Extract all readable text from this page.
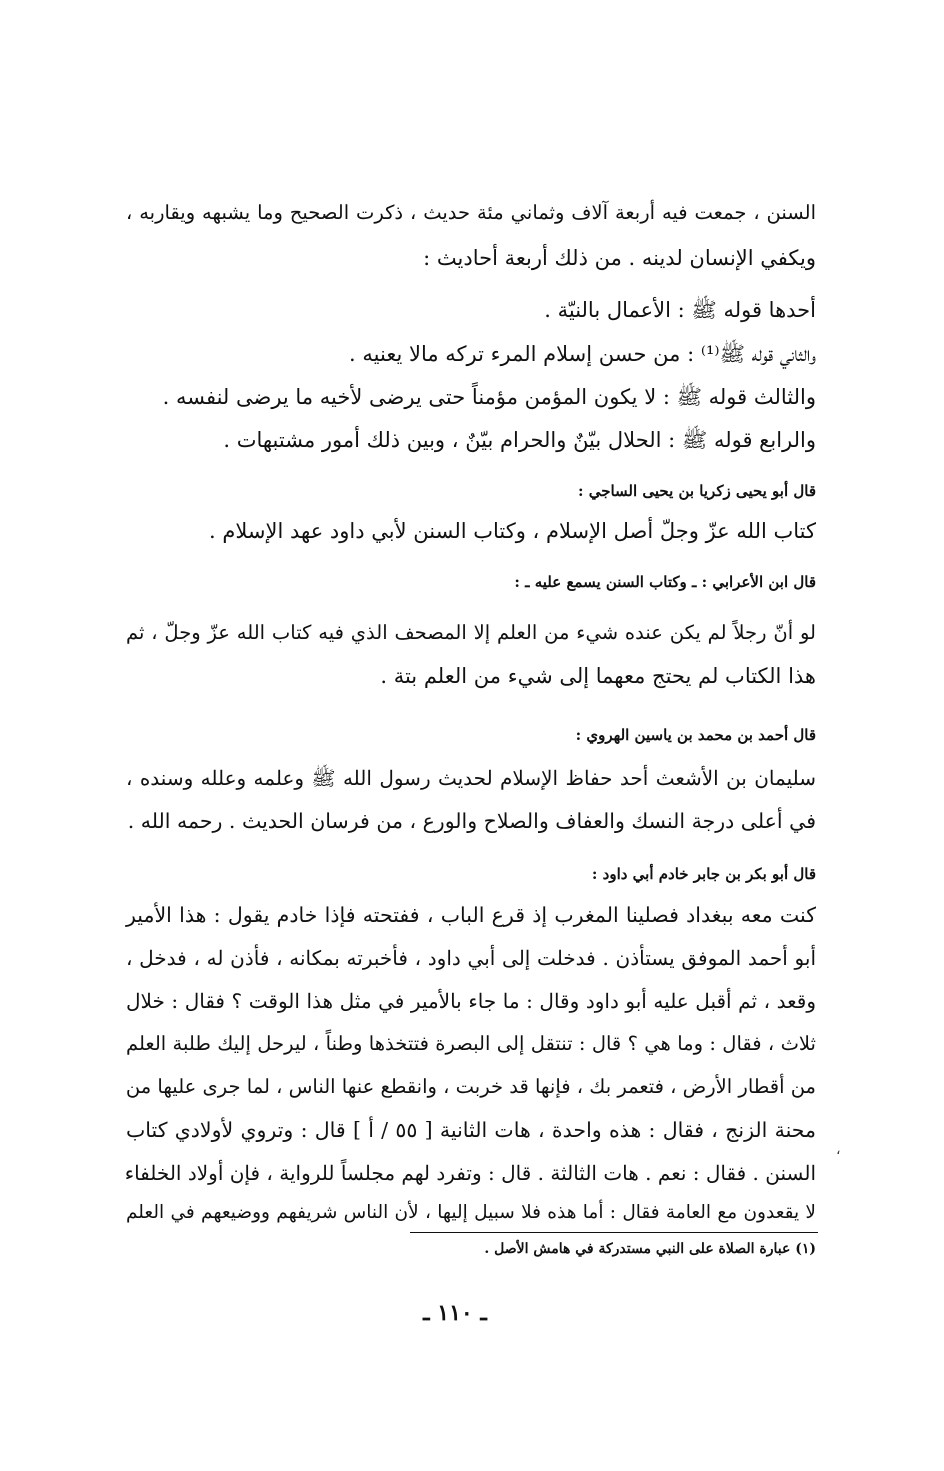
السنن ، جمعت فيه أربعة آلاف وثماني مئة حديث ، ذكرت الصحيح وما يشبهه ويقاربه ،
ويكفي الإنسان لدينه . من ذلك أربعة أحاديث :
أحدها قوله ﷺ : الأعمال بالنيّة .
والثاني قوله ﷺ⁽¹⁾ : من حسن إسلام المرء تركه مالا يعنيه .
والثالث قوله ﷺ : لا يكون المؤمن مؤمناً حتى يرضى لأخيه ما يرضى لنفسه .
والرابع قوله ﷺ : الحلال بيّنٌ والحرام بيّنٌ ، وبين ذلك أمور مشتبهات .
قال أبو يحيى زكريا بن يحيى الساجي :
كتاب الله عزّ وجلّ أصل الإسلام ، وكتاب السنن لأبي داود عهد الإسلام .
قال ابن الأعرابي : ـ وكتاب السنن يسمع عليه ـ :
لو أنّ رجلاً لم يكن عنده شيء من العلم إلا المصحف الذي فيه كتاب الله عزّ وجلّ ، ثم
هذا الكتاب لم يحتج معهما إلى شيء من العلم بتة .
قال أحمد بن محمد بن ياسين الهروي :
سليمان بن الأشعث أحد حفاظ الإسلام لحديث رسول الله ﷺ وعلمه وعلله وسنده ،
في أعلى درجة النسك والعفاف والصلاح والورع ، من فرسان الحديث . رحمه الله .
قال أبو بكر بن جابر خادم أبي داود :
كنت معه ببغداد فصلينا المغرب إذ قرع الباب ، ففتحته فإذا خادم يقول : هذا الأمير
أبو أحمد الموفق يستأذن . فدخلت إلى أبي داود ، فأخبرته بمكانه ، فأذن له ، فدخل ،
وقعد ، ثم أقبل عليه أبو داود وقال : ما جاء بالأمير في مثل هذا الوقت ؟ فقال : خلال
ثلاث ، فقال : وما هي ؟ قال : تنتقل إلى البصرة فتتخذها وطناً ، ليرحل إليك طلبة العلم
من أقطار الأرض ، فتعمر بك ، فإنها قد خربت ، وانقطع عنها الناس ، لما جرى عليها من
محنة الزنج ، فقال : هذه واحدة ، هات الثانية [ ٥٥ / أ ] قال : وتروي لأولادي كتاب
السنن . فقال : نعم . هات الثالثة . قال : وتفرد لهم مجلساً للرواية ، فإن أولاد الخلفاء
لا يقعدون مع العامة فقال : أما هذه فلا سبيل إليها ، لأن الناس شريفهم ووضيعهم في العلم
،
(١) عبارة الصلاة على النبي مستدركة في هامش الأصل .
ـ ١١٠ ـ
